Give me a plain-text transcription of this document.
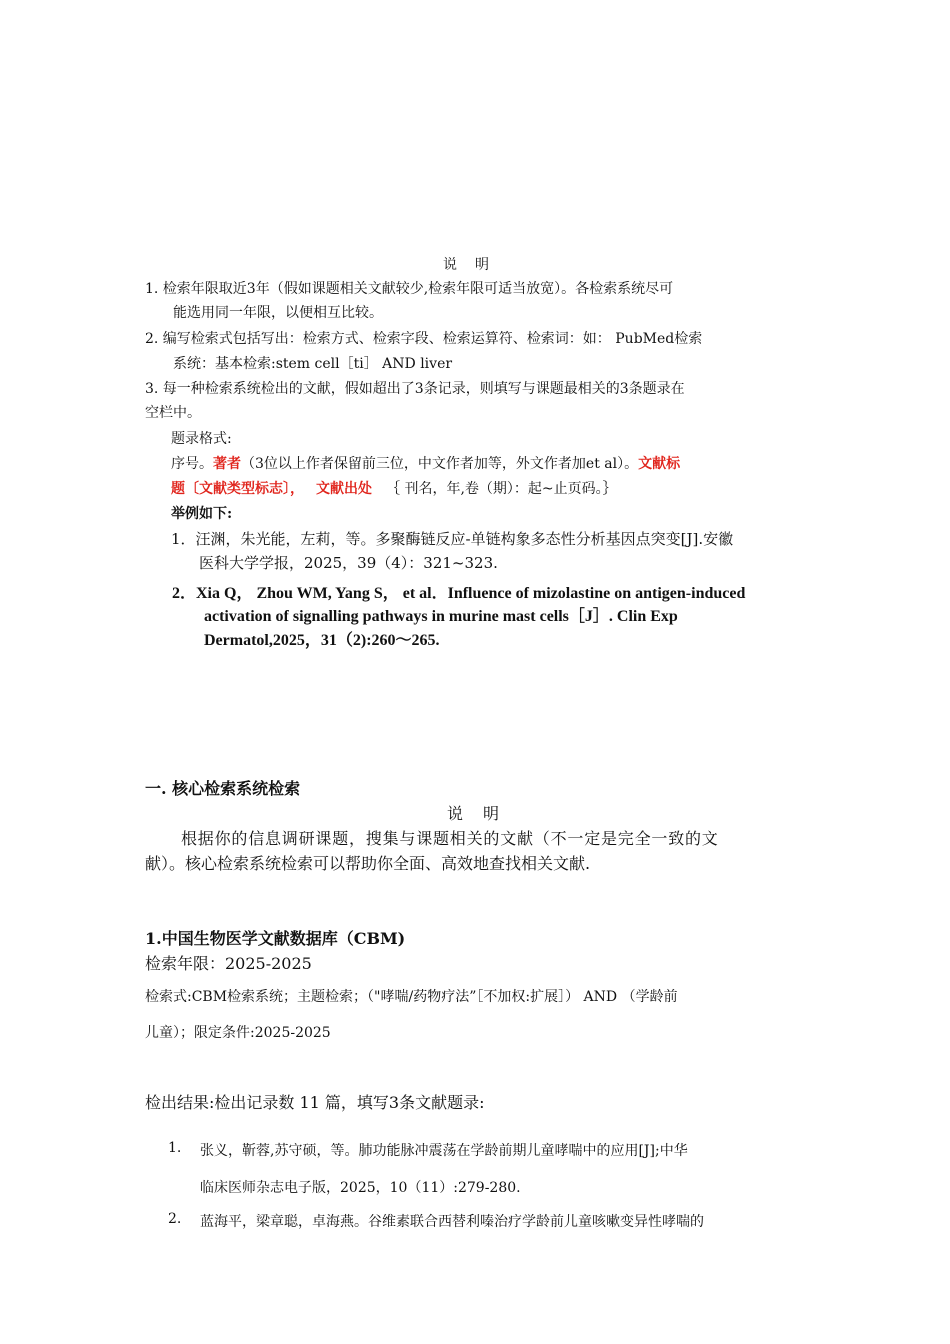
说　明
1. 检索年限取近3年（假如课题相关文献较少,检索年限可适当放宽）。各检索系统尽可
能选用同一年限，以便相互比较。
2. 编写检索式包括写出：检索方式、检索字段、检索运算符、检索词：如： PubMed检索
系统：基本检索:stem cell［ti］ AND liver
3. 每一种检索系统检出的文献，假如超出了3条记录，则填写与课题最相关的3条题录在
空栏中。
题录格式:
序号。著者（3位以上作者保留前三位，中文作者加等，外文作者加et al）。文献标
题〔文献类型标志〕， 文献出处 ｛ 刊名，年,卷（期）：起~止页码。｝
举例如下:
1．汪渊，朱光能，左莉，等。多聚酶链反应-单链构象多态性分析基因点突变[J].安徽
医科大学学报，2025，39（4）：321~323.
2．Xia Q， Zhou WM, Yang S， et al．Influence of mizolastine on antigen-induced
activation of signalling pathways in murine mast cells［J］. Clin Exp
Dermatol,2025，31（2):260～265.
一. 核心检索系统检索
说　明
根据你的信息调研课题，搜集与课题相关的文献（不一定是完全一致的文
献）。核心检索系统检索可以帮助你全面、高效地查找相关文献.
1.中国生物医学文献数据库（CBM)
检索年限：2025-2025
检索式:CBM检索系统；主题检索；（"哮喘/药物疗法”［不加权:扩展］） AND （学龄前
儿童）；限定条件:2025-2025
检出结果:检出记录数 11 篇，填写3条文献题录:
1. 张义，靳蓉,苏守硕，等。肺功能脉冲震荡在学龄前期儿童哮喘中的应用[J];中华
临床医师杂志电子版，2025，10（11）:279-280.
2. 蓝海平，梁章聪，卓海燕。谷维素联合西替利嗪治疗学龄前儿童咳嗽变异性哮喘的
